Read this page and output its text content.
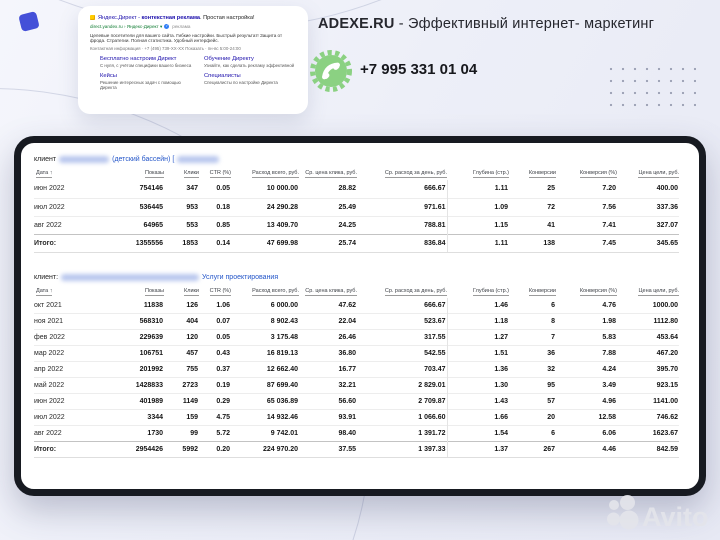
Яндекс.Директ - контекстная реклама. Простая настройка!
direct.yandex.ru › Яндекс-Директ ▾ ✓ реклама
Целевые посетители для вашего сайта. Гибкие настройки. Быстрый результат! Защита от фрода. Стратегии. Полная статистика. Удобный интерфейс.
Контактная информация · +7 (495) 739-XX-XX Показать · пн-вс 5:00-24:00
Бесплатно настроим Директ
С нуля, с учётом специфики вашего бизнеса
Обучение Директу
Узнайте, как сделать рекламу эффективной
Кейсы
Решение интересных задач с помощью Директа
Специалисты
Специалисты по настройке Директа
ADEXE.RU - Эффективный интернет- маркетинг
+7 995 331 01 04
клиент	(детский бассейн) [
Дата ↑	Показы	Клики	CTR (%)	Расход всего, руб.	Ср. цена клика, руб.	Ср. расход за день, руб.	Глубина (стр.)	Конверсии	Конверсия (%)	Цена цели, руб.
июн 2022	754146	347	0.05	10 000.00	28.82	666.67	1.11	25	7.20	400.00
июл 2022	536445	953	0.18	24 290.28	25.49	971.61	1.09	72	7.56	337.36
авг 2022	64965	553	0.85	13 409.70	24.25	788.81	1.15	41	7.41	327.07
Итого:	1355556	1853	0.14	47 699.98	25.74	836.84	1.11	138	7.45	345.65
клиент:	Услуги проектирования
Дата ↑	Показы	Клики	CTR (%)	Расход всего, руб.	Ср. цена клика, руб.	Ср. расход за день, руб.	Глубина (стр.)	Конверсии	Конверсия (%)	Цена цели, руб.
окт 2021	11838	126	1.06	6 000.00	47.62	666.67	1.46	6	4.76	1000.00
ноя 2021	568310	404	0.07	8 902.43	22.04	523.67	1.18	8	1.98	1112.80
фев 2022	229639	120	0.05	3 175.48	26.46	317.55	1.27	7	5.83	453.64
мар 2022	106751	457	0.43	16 819.13	36.80	542.55	1.51	36	7.88	467.20
апр 2022	201992	755	0.37	12 662.40	16.77	703.47	1.36	32	4.24	395.70
май 2022	1428833	2723	0.19	87 699.40	32.21	2 829.01	1.30	95	3.49	923.15
июн 2022	401989	1149	0.29	65 036.89	56.60	2 709.87	1.43	57	4.96	1141.00
июл 2022	3344	159	4.75	14 932.46	93.91	1 066.60	1.66	20	12.58	746.62
авг 2022	1730	99	5.72	9 742.01	98.40	1 391.72	1.54	6	6.06	1623.67
Итого:	2954426	5992	0.20	224 970.20	37.55	1 397.33	1.37	267	4.46	842.59
Avito
